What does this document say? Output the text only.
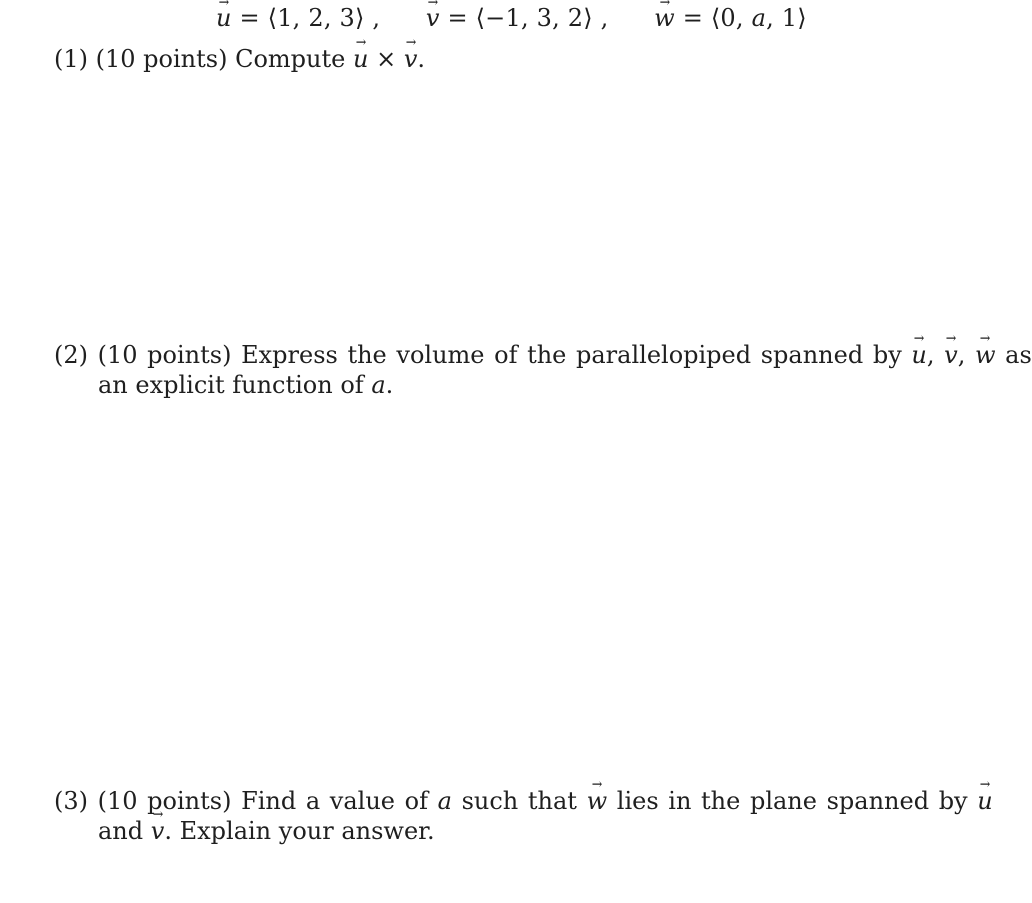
→ u = ⟨1, 2, 3⟩ , → v = ⟨−1, 3, 2⟩ , → w = ⟨0, a, 1⟩
(1) (10 points) Compute → u × → v.
(2) (10 points) Express the volume of the parallelopiped spanned by → u, → v, → w as
an explicit function of a.
(3) (10 points) Find a value of a such that → w lies in the plane spanned by → u
and → v. Explain your answer.
